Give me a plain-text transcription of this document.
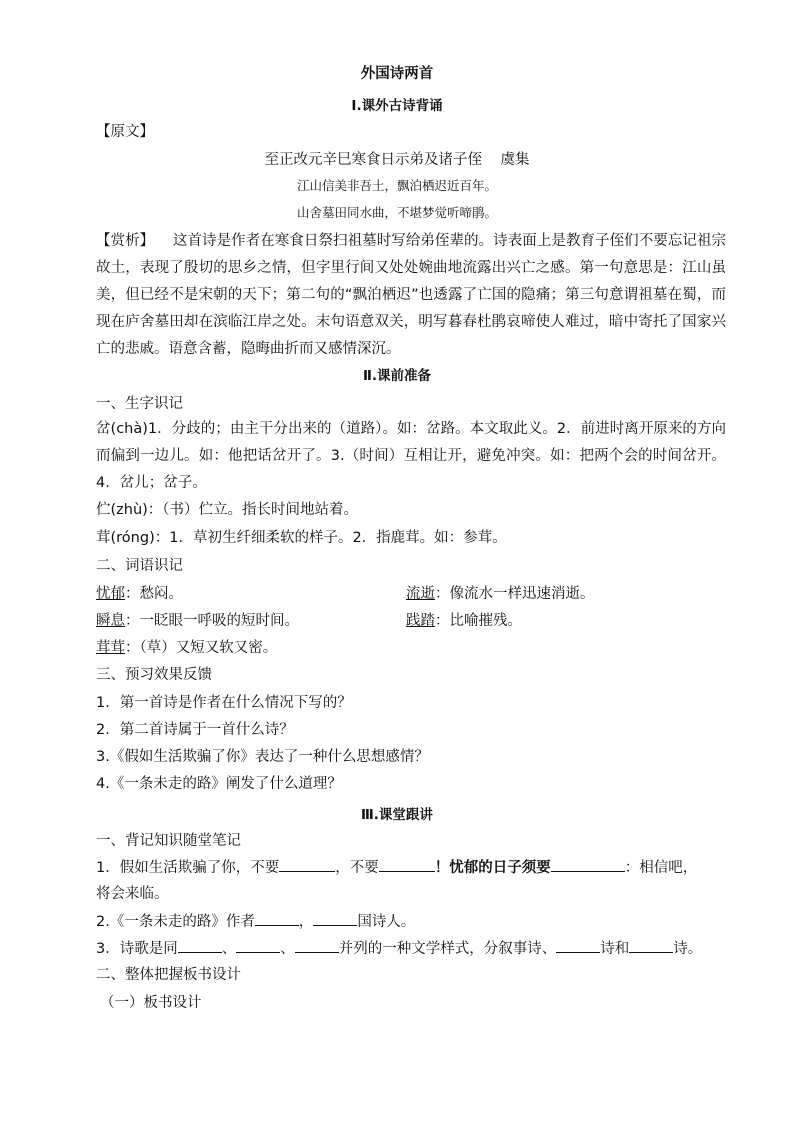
外国诗两首
Ⅰ.课外古诗背诵
【原文】
至正改元辛巳寒食日示弟及诸子侄 虞集
江山信美非吾土，飘泊栖迟近百年。
山舍墓田同水曲，不堪梦觉听啼鹃。
【赏析】 这首诗是作者在寒食日祭扫祖墓时写给弟侄辈的。诗表面上是教育子侄们不要忘记祖宗故土，表现了殷切的思乡之情，但字里行间又处处婉曲地流露出兴亡之感。第一句意思是：江山虽美，但已经不是宋朝的天下；第二句的“飘泊栖迟”也透露了亡国的隐痛；第三句意谓祖墓在蜀，而现在庐舍墓田却在滨临江岸之处。末句语意双关，明写暮春杜鹃哀啼使人难过，暗中寄托了国家兴亡的悲戚。语意含蓄，隐晦曲折而又感情深沉。
Ⅱ.课前准备
一、生字识记
岔(chà)1．分歧的；由主干分出来的（道路）。如：岔路。本文取此义。2．前进时离开原来的方向而偏到一边儿。如：他把话岔开了。3.（时间）互相让开，避免冲突。如：把两个会的时间岔开。4．岔儿；岔子。
伫(zhù)：（书）伫立。指长时间地站着。
茸(róng)：1．草初生纤细柔软的样子。2．指鹿茸。如：参茸。
二、词语识记
忧郁：愁闷。	流逝：像流水一样迅速消逝。
瞬息：一眨眼一呼吸的短时间。	践踏：比喻摧残。
茸茸：（草）又短又软又密。
三、预习效果反馈
1．第一首诗是作者在什么情况下写的？
2．第二首诗属于一首什么诗？
3.《假如生活欺骗了你》表达了一种什么思想感情？
4.《一条未走的路》阐发了什么道理？
Ⅲ.课堂跟讲
一、背记知识随堂笔记
1．假如生活欺骗了你，不要	，不要	！忧郁的日子须要	：相信吧，
将会来临。
2.《一条未走的路》作者	，	国诗人。
3．诗歌是同	、	、	并列的一种文学样式，分叙事诗、	诗和	诗。
二、整体把握板书设计
（一）板书设计
